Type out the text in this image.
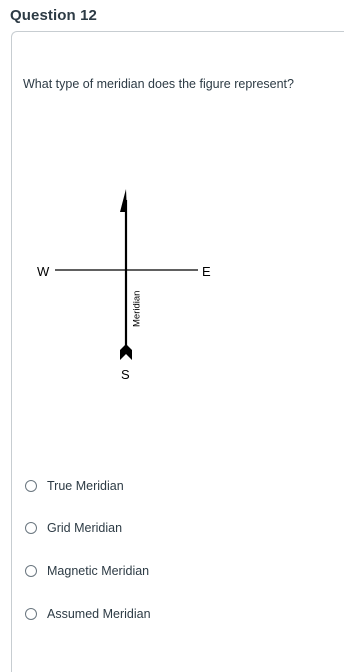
Question 12
What type of meridian does the figure represent?
W	E
S
Meridian
True Meridian
Grid Meridian
Magnetic Meridian
Assumed Meridian
